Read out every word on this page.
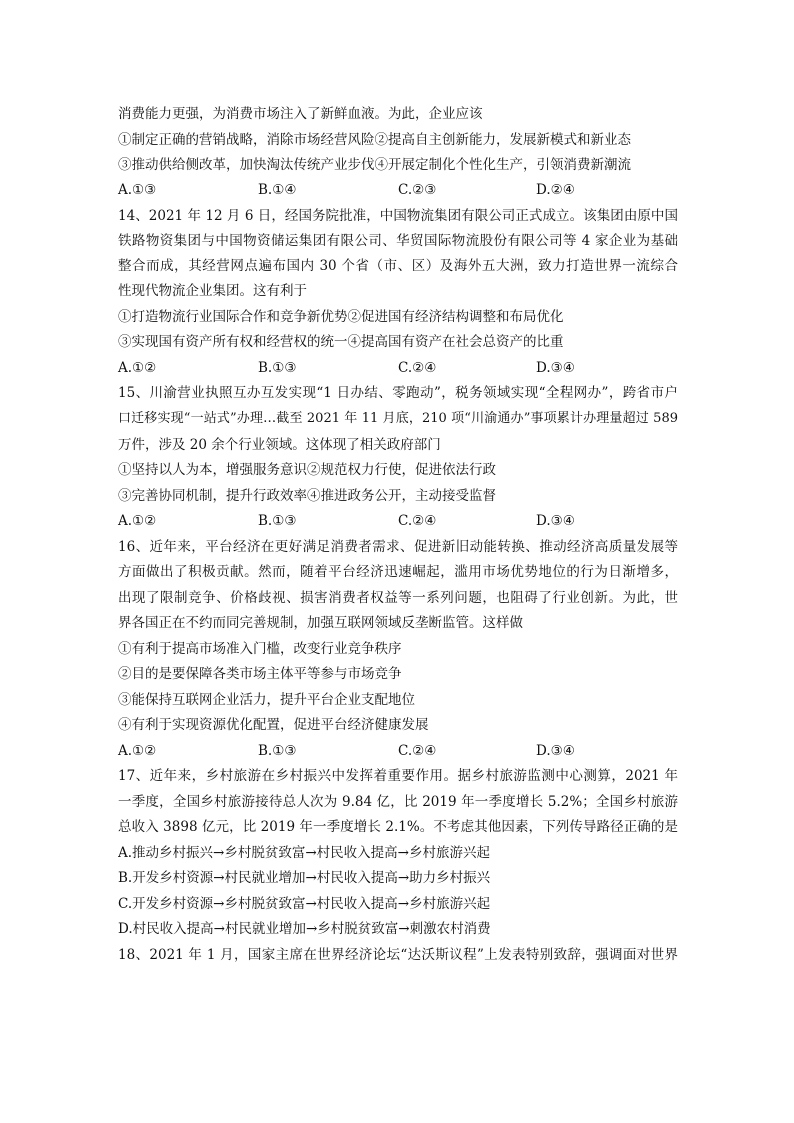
消费能力更强，为消费市场注入了新鲜血液。为此，企业应该
①制定正确的营销战略，消除市场经营风险②提高自主创新能力，发展新模式和新业态
③推动供给侧改革，加快淘汰传统产业步伐④开展定制化个性化生产，引领消费新潮流
A.①③	B.①④	C.②③	D.②④
14、2021 年 12 月 6 日，经国务院批准，中国物流集团有限公司正式成立。该集团由原中国
铁路物资集团与中国物资储运集团有限公司、华贸国际物流股份有限公司等 4 家企业为基础
整合而成，其经营网点遍布国内 30 个省（市、区）及海外五大洲，致力打造世界一流综合
性现代物流企业集团。这有利于
①打造物流行业国际合作和竞争新优势②促进国有经济结构调整和布局优化
③实现国有资产所有权和经营权的统一④提高国有资产在社会总资产的比重
A.①②	B.①③	C.②④	D.③④
15、川渝营业执照互办互发实现“1 日办结、零跑动”，税务领域实现“全程网办”，跨省市户
口迁移实现“一站式”办理…截至 2021 年 11 月底，210 项“川渝通办”事项累计办理量超过 589
万件，涉及 20 余个行业领域。这体现了相关政府部门
①坚持以人为本，增强服务意识②规范权力行使，促进依法行政
③完善协同机制，提升行政效率④推进政务公开，主动接受监督
A.①②	B.①③	C.②④	D.③④
16、近年来，平台经济在更好满足消费者需求、促进新旧动能转换、推动经济高质量发展等
方面做出了积极贡献。然而，随着平台经济迅速崛起，滥用市场优势地位的行为日渐增多，
出现了限制竞争、价格歧视、损害消费者权益等一系列问题，也阻碍了行业创新。为此，世
界各国正在不约而同完善规制，加强互联网领域反垄断监管。这样做
①有利于提高市场准入门槛，改变行业竞争秩序
②目的是要保障各类市场主体平等参与市场竞争
③能保持互联网企业活力，提升平台企业支配地位
④有利于实现资源优化配置，促进平台经济健康发展
A.①②	B.①③	C.②④	D.③④
17、近年来，乡村旅游在乡村振兴中发挥着重要作用。据乡村旅游监测中心测算，2021 年
一季度，全国乡村旅游接待总人次为 9.84 亿，比 2019 年一季度增长 5.2%；全国乡村旅游
总收入 3898 亿元，比 2019 年一季度增长 2.1%。不考虑其他因素，下列传导路径正确的是
A.推动乡村振兴→乡村脱贫致富→村民收入提高→乡村旅游兴起
B.开发乡村资源→村民就业增加→村民收入提高→助力乡村振兴
C.开发乡村资源→乡村脱贫致富→村民收入提高→乡村旅游兴起
D.村民收入提高→村民就业增加→乡村脱贫致富→刺激农村消费
18、2021 年 1 月，国家主席在世界经济论坛“达沃斯议程”上发表特别致辞，强调面对世界
